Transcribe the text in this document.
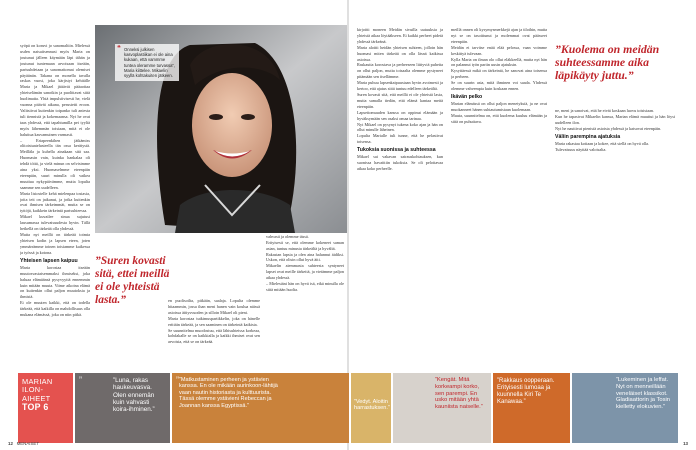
syöpä on koruvi jo sanomaltiin. Mielessä usden naisaitsennusi myös Maria on joutunut jälleen käymään läpi tähän ja joutunut tuntemaan arvoisaan itseään, parisuhdetaan ja sanomattomat olemiset päyäänän. Takana on monella tavalla raskas vuosi, joka kärjistyi kehitälle Maria ja Mikael jättävät pääaottaa yhteiselämän sanotkin ja puolittavat siitä huolimatta. Yhtä impulsiivisesti he, vielä vuonna pitävät aikana, perustetti eroon. Valitsiivat kuitenkin toipanko tuli aniesta tuli tiennistä ja kokemaansa. Nyt he ovat taas yhdessä, että tapahtumilla pei tyyliä myös lähemmän toisiaan, mitä ei ole haluttua kasvamuinen varmasti.

– Eriapeenkihen jätkämiss olitoistuatelusteella tän ossa kerätystä. Meilläla ja kuhella ainakaan sitä saa. Huomasin vain, kuinka hankalaa oli tehdä töitä, ja vielä minun on selvisimme aina yksi. Huomaselmme eteenpäin eteenpäin, suuri minulla oli vaikea muuttua nykypäivämme, mutta lopulta saamme sen uudelleen.

Maria lisiostelle kehä mielenpaa tosiasia, joita teit on jatkanut, ja jotka kuitenkin ovat ihmisen tärkeimmät, mutta se on tyttöjä, kaikkein tärkeintä parisuhteessa.

Mikael kuvailee sinua sujutusi lausumassa tulevaisuudesta hyvin. Tällä hetkellä on tärkeää olla yhdessä.

Mutta nyt meillä on tärkeää toimia yhteisen kodin ja lapsen eteen, joten ymmärrämme toinen toisiamme kaikessa ja työssä ja kotona.

Yhteisen lapsen kaipuu

Maria korostaa itseään muutosvastaisemmaksi ihmiseksi, joka haluaa elämäänsä pysyvyyttä ennemmin kuin mitään muuta. Viime aikoina elämä on kuitenkin ollut paljon muutoksia ja ihmistä.

Ei ole muuten kaikki, että on todella tärkeää, että kaikilla on mahdollisuus olla mukana elämässä, joka on niin pitkä.

en puolisoilta, pitkään, saalaja. Lopulta olemme hitaammin, jossa ihan meni hanen vain koulua näissä asioissa äitiysvuoden ja silloin Mikael oli pieni.

Maria korostaa tutkimuspartikkelin, joka on hänelle erittäin tärkeää, ja sen saaminen on tärkeintä kaikista.

Se suunnitelma muodostuu, että lähisuhteissa korkeaa, kohdakalle se on kaikkialla ja kaikki ihmiset ovat sen arvoisia, että se on tärkeää.

vahvasti ja olemme tässä.

Erityisesti se, että olemme kokeneet saman asian, tuntuu minusta tärkeältä ja hyvältä.

Rakastan lapsia ja olen aina halunnut äidiksi. Uskon, että olisin ollut hyvä äiti.

Mikaelin aiemmasta suhteesta syntyneet lapset ovat meille tärkeitä, ja vietämme paljon aikaa yhdessä.

– Mielestäni hän on hyvä isä, eikä minulla ole siitä mitään huolta.

kirjoitti moneen Meidän sivuilla uutuuksia ja yhteistä aikaa löytääkseen. Ei kaikki perheet pidetä yhdessä tärkeänä.

Maria aloitti heidän yhteisen suhteen, jolloin hän huomasi miten tärkeää on olla läsnä kaikissa asioissa.

Raskautta korostava ja perheeseen liittyviä puheita on ollut paljon, mutta toisaalta olemme pystyneet pitämään sen itsellämme.

Maria puhuu lapsenkaipuustaan hyvin avoimesti ja kertoo, että ajatus siitä tuntuu edelleen tärkeältä.

Suren kovasti sitä, että meillä ei ole yhteistä lasta, mutta samalla tiedän, että elämä kantaa meitä eteenpäin.

Lapsettomuuden kanssa on oppinut elämään ja hyväksymään sen osaksi omaa tarinaa.

Nyt Mikael on pysynyt tukena koko ajan ja hän on ollut minulle läheinen.

Lopulta Marialle tuli tunne, että he pelastivat toisensa.

Tukoksia suonissa ja suhteessa

Mikael sai vakavan sairauskohtauksen, kun suonissa havaittiin tukoksia. Se oli pelottavaa aikaa koko perheelle.

meillä onnen oli kysymysmerkkejä ajan ja tiloihin, mutta nyt se on tasoittunut ja molemmat ovat päässeet eteenpäin.

Meidän ei tarvitse enää elää pelossa, vaan voimme keskittyä tulevaan.

Kylla Maria on ilman olo ollut eläkkeellä, mutta nyt hän on palannut työn pariin uusin ajatuksin.

Kysyttäessä mikä on tärkeintä, he sanovat aina toisensa ja perheen.

Se on suurin asia, mitä ihminen voi saada. Yhdessä olemme vahvempia kuin koskaan ennen.

Ikävän pelko

Marian elämässä on ollut paljon menetyksiä, ja ne ovat muokanneet hänen suhtautumistaan kuolemaan.

Muuta, suunnitelma on, että kuolema kuuluu elämään ja siitä on puhuttava.

ne, meni ja sanoivat, että he eivät koskaan luovu toisistaan.

Kun he tapasivat Mikaelin kanssa, Marian elämä muuttui ja hän löysi uudelleen ilon.

Nyt he nauttivat pienistä asioista yhdessä ja katsovat eteenpäin.

Väliin parempina ajatuksia

Maria rakastaa kotiaan ja kokee, että siellä on hyvä olla.

Tulevaisuus näyttää valoisalta.

❝ Onneksi julkisen kasvoplastiikan ei ole aina kukaan, että vammme tuntea oleramme turvassa”, Maria kiittelee. Mikaelin syyllä kohtakuiten jätkeen.
”Suren kovasti sitä, ettei meillä ei ole yhteistä lasta.”
”Kuolema on meidän suhteessamme aika läpikäyty juttu.”
MARIAN
ILON-
AIHEET

TOP 6
”	”Luna, rakas haukeuvasva. Olen ennemän kuin vahvasti koira-ihminen.”
” ”Matkustaminen perheen ja ystävien kanssa. En ole mikään aurinkoon-lähtijä vaan nautin historiasta ja kulttuurista. Tässä olemme ystävieni Rebeccan ja Joannan kanssa Egyptissä.”
”Vedyt. Aloitin harrastuksen.”
”Kengät. Mitä korkeampi korko, sen parempi. En usko mitään yhtä kauniista naiselle.”
”Rakkaus oopperaan. Erityisesti lumoaa ja kuunnella Kiri Te Kanawaa.”
”Lukeminen ja leffat. Nyt on menneillään veneläiset klassikot. Gladiaattorin ja Tosin kielletty elokuvien.”
12 MENAISET	13
